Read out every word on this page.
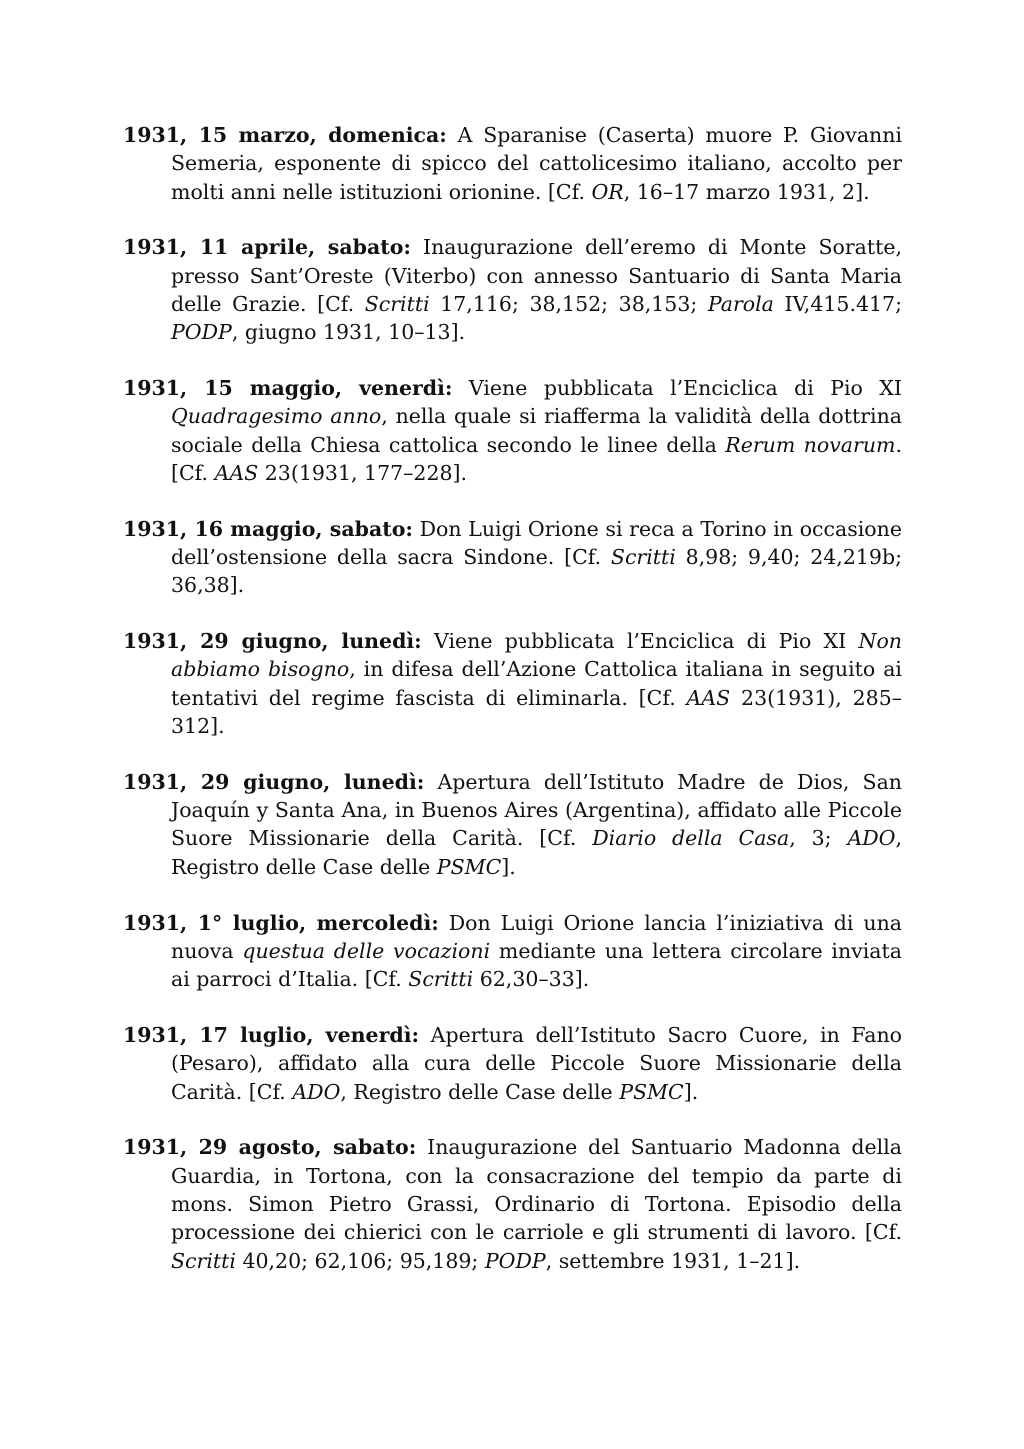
1931, 15 marzo, domenica: A Sparanise (Caserta) muore P. Giovanni Semeria, esponente di spicco del cattolicesimo italiano, accolto per molti anni nelle istituzioni orionine. [Cf. OR, 16–17 marzo 1931, 2].

1931, 11 aprile, sabato: Inaugurazione dell’eremo di Monte Soratte, presso Sant’Oreste (Viterbo) con annesso Santuario di Santa Maria delle Grazie. [Cf. Scritti 17,116; 38,152; 38,153; Parola IV,415.417; PODP, giugno 1931, 10–13].

1931, 15 maggio, venerdì: Viene pubblicata l’Enciclica di Pio XI Quadragesimo anno, nella quale si riafferma la validità della dottrina sociale della Chiesa cattolica secondo le linee della Rerum novarum. [Cf. AAS 23(1931, 177–228].

1931, 16 maggio, sabato: Don Luigi Orione si reca a Torino in occasione dell’ostensione della sacra Sindone. [Cf. Scritti 8,98; 9,40; 24,219b; 36,38].

1931, 29 giugno, lunedì: Viene pubblicata l’Enciclica di Pio XI Non abbiamo bisogno, in difesa dell’Azione Cattolica italiana in seguito ai tentativi del regime fascista di eliminarla. [Cf. AAS 23(1931), 285–312].

1931, 29 giugno, lunedì: Apertura dell’Istituto Madre de Dios, San Joaquín y Santa Ana, in Buenos Aires (Argentina), affidato alle Piccole Suore Missionarie della Carità. [Cf. Diario della Casa, 3; ADO, Registro delle Case delle PSMC].

1931, 1° luglio, mercoledì: Don Luigi Orione lancia l’iniziativa di una nuova questua delle vocazioni mediante una lettera circolare inviata ai parroci d’Italia. [Cf. Scritti 62,30–33].

1931, 17 luglio, venerdì: Apertura dell’Istituto Sacro Cuore, in Fano (Pesaro), affidato alla cura delle Piccole Suore Missionarie della Carità. [Cf. ADO, Registro delle Case delle PSMC].

1931, 29 agosto, sabato: Inaugurazione del Santuario Madonna della Guardia, in Tortona, con la consacrazione del tempio da parte di mons. Simon Pietro Grassi, Ordinario di Tortona. Episodio della processione dei chierici con le carriole e gli strumenti di lavoro. [Cf. Scritti 40,20; 62,106; 95,189; PODP, settembre 1931, 1–21].
